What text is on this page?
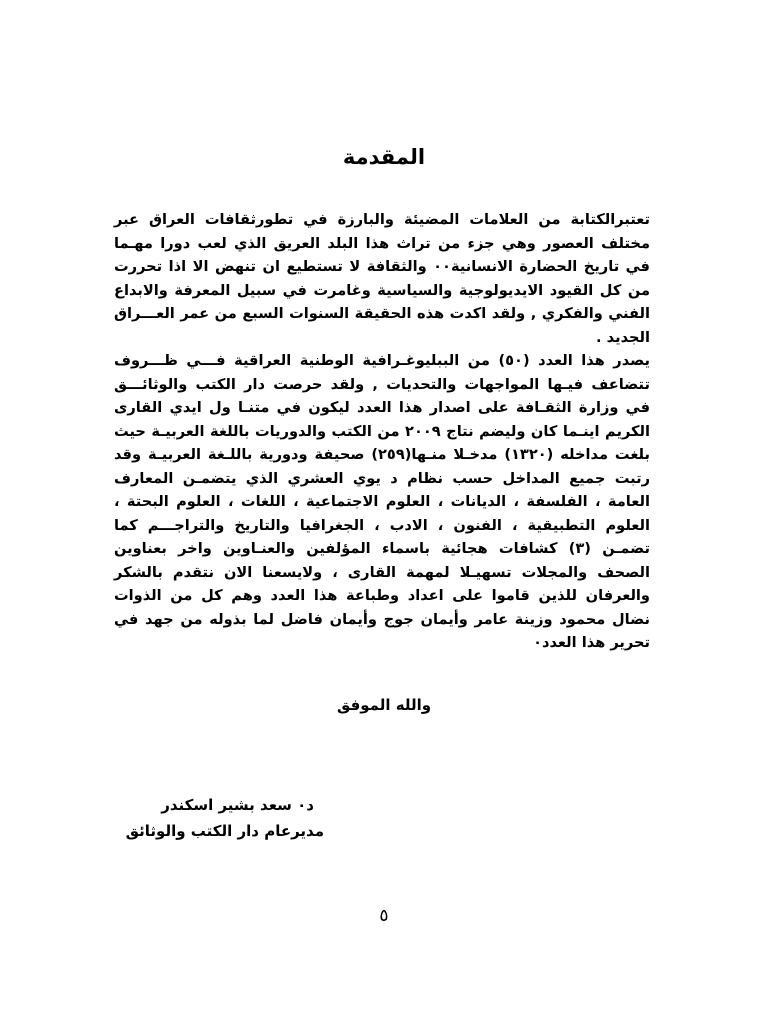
المقدمة

تعتبرالكتابة من العلامات المضيئة والبارزة في تطورثقافات العراق عبر مختلف العصور وهي جزء من تراث هذا البلد العريق الذي لعب دورا مهـما في تاريخ الحضارة الانسانية٠٠ والثقافة لا تستطيع ان تنهض الا اذا تحررت من كل القيود الايديولوجية والسياسية وغامرت في سبيل المعرفة والابداع الفني والفكري , ولقد اكدت هذه الحقيقة السنوات السبع من عمر العـــراق الجديد .

يصدر هذا العدد (٥٠) من الببليوغـرافية الوطنية العراقية فـــي ظـــروف تتضاعف فيـها المواجهات والتحديات , ولقد حرصت دار الكتب والوثائـــق في وزارة الثقـافة على اصدار هذا العدد ليكون في متنـا ول ايدي القارى الكريم اينـما كان وليضم نتاج ٢٠٠٩ من الكتب والدوريات باللغة العربيـة حيث بلغت مداخله (١٣٢٠) مدخـلا منـها(٢٥٩) صحيفة ودورية باللـغة العربيـة وقد رتبت جميع المداخل حسب نظام د يوي العشري الذي يتضمـن المعارف العامة ، الفلسفة ، الديانات ، العلوم الاجتماعية ، اللغات ، العلوم البحتة ، العلوم التطبيقية ، الفنون ، الادب ، الجغرافيا والتاريخ والتراجـــم كما تضمـن (٣) كشافات هجائية باسماء المؤلفين والعنـاوين واخر بعناوين الصحف والمجلات تسهيـلا لمهمة القارى ، ولايسعنا الان نتقدم بالشكر والعرفان للذين قاموا على اعداد وطباعة هذا العدد وهم كل من الذوات نضال محمود وزينة عامر وأيمان جوج وأيمان فاضل لما بذوله من جهد في تحرير هذا العدد٠

والله الموفق
د٠ سعد بشير اسكندر
مديرعام دار الكتب والوثائق
٥
